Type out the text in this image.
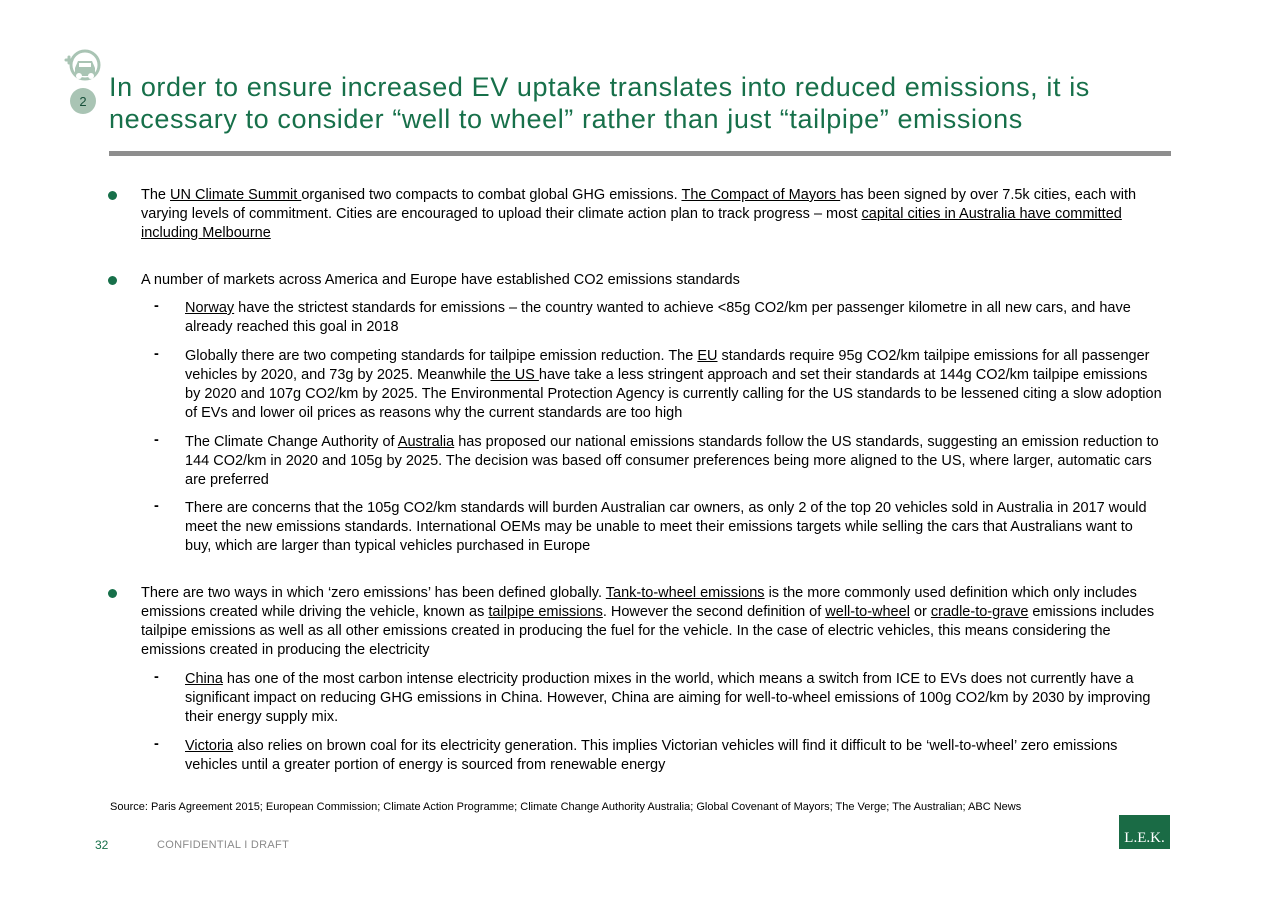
2 In order to ensure increased EV uptake translates into reduced emissions, it is necessary to consider “well to wheel” rather than just “tailpipe” emissions
The UN Climate Summit organised two compacts to combat global GHG emissions. The Compact of Mayors has been signed by over 7.5k cities, each with varying levels of commitment. Cities are encouraged to upload their climate action plan to track progress – most capital cities in Australia have committed including Melbourne
A number of markets across America and Europe have established CO2 emissions standards
- Norway have the strictest standards for emissions – the country wanted to achieve <85g CO2/km per passenger kilometre in all new cars, and have already reached this goal in 2018
- Globally there are two competing standards for tailpipe emission reduction. The EU standards require 95g CO2/km tailpipe emissions for all passenger vehicles by 2020, and 73g by 2025. Meanwhile the US have take a less stringent approach and set their standards at 144g CO2/km tailpipe emissions by 2020 and 107g CO2/km by 2025. The Environmental Protection Agency is currently calling for the US standards to be lessened citing a slow adoption of EVs and lower oil prices as reasons why the current standards are too high
- The Climate Change Authority of Australia has proposed our national emissions standards follow the US standards, suggesting an emission reduction to 144 CO2/km in 2020 and 105g by 2025. The decision was based off consumer preferences being more aligned to the US, where larger, automatic cars are preferred
- There are concerns that the 105g CO2/km standards will burden Australian car owners, as only 2 of the top 20 vehicles sold in Australia in 2017 would meet the new emissions standards. International OEMs may be unable to meet their emissions targets while selling the cars that Australians want to buy, which are larger than typical vehicles purchased in Europe
There are two ways in which ‘zero emissions’ has been defined globally. Tank-to-wheel emissions is the more commonly used definition which only includes emissions created while driving the vehicle, known as tailpipe emissions. However the second definition of well-to-wheel or cradle-to-grave emissions includes tailpipe emissions as well as all other emissions created in producing the fuel for the vehicle. In the case of electric vehicles, this means considering the emissions created in producing the electricity
- China has one of the most carbon intense electricity production mixes in the world, which means a switch from ICE to EVs does not currently have a significant impact on reducing GHG emissions in China. However, China are aiming for well-to-wheel emissions of 100g CO2/km by 2030 by improving their energy supply mix.
- Victoria also relies on brown coal for its electricity generation. This implies Victorian vehicles will find it difficult to be ‘well-to-wheel’ zero emissions vehicles until a greater portion of energy is sourced from renewable energy
Source: Paris Agreement 2015; European Commission; Climate Action Programme; Climate Change Authority Australia; Global Covenant of Mayors; The Verge; The Australian; ABC News
32	CONFIDENTIAL I DRAFT	L.E.K.
